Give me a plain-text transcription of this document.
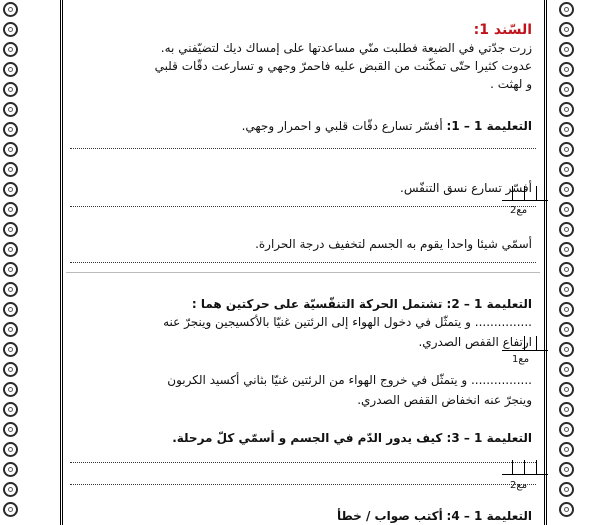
السّند 1:
زرت جدّتي في الضيعة فطلبت منّي مساعدتها على إمساك ديك لتضيّفني به.
عدوت كثيرا حتّى تمكّنت من القبض عليه فاحمرّ وجهي و تسارعت دقّات قلبي
و لهثت .
التعليمة 1 – 1: أفسّر تسارع دقّات قلبي و احمرار وجهي.
أفسّر تسارع نسق التنفّس.
أسمّي شيئا واحدا يقوم به الجسم لتخفيف درجة الحرارة.
التعليمة 1 – 2: تشتمل الحركة التنفّسيّة على حركتين هما :
............... و يتمثّل في دخول الهواء إلى الرئتين غنيّا بالأكسيجين وينجرّ عنه
ارتفاع القفص الصدري.
................ و يتمثّل في خروج الهواء من الرئتين غنيّا بثاني أكسيد الكربون
وينجرّ عنه انخفاض القفص الصدري.
التعليمة 1 – 3: كيف يدور الدّم في الجسم و أسمّي كلّ مرحلة.
التعليمة 1 – 4: أكتب صواب / خطأ
مع2
مع1
مع2
